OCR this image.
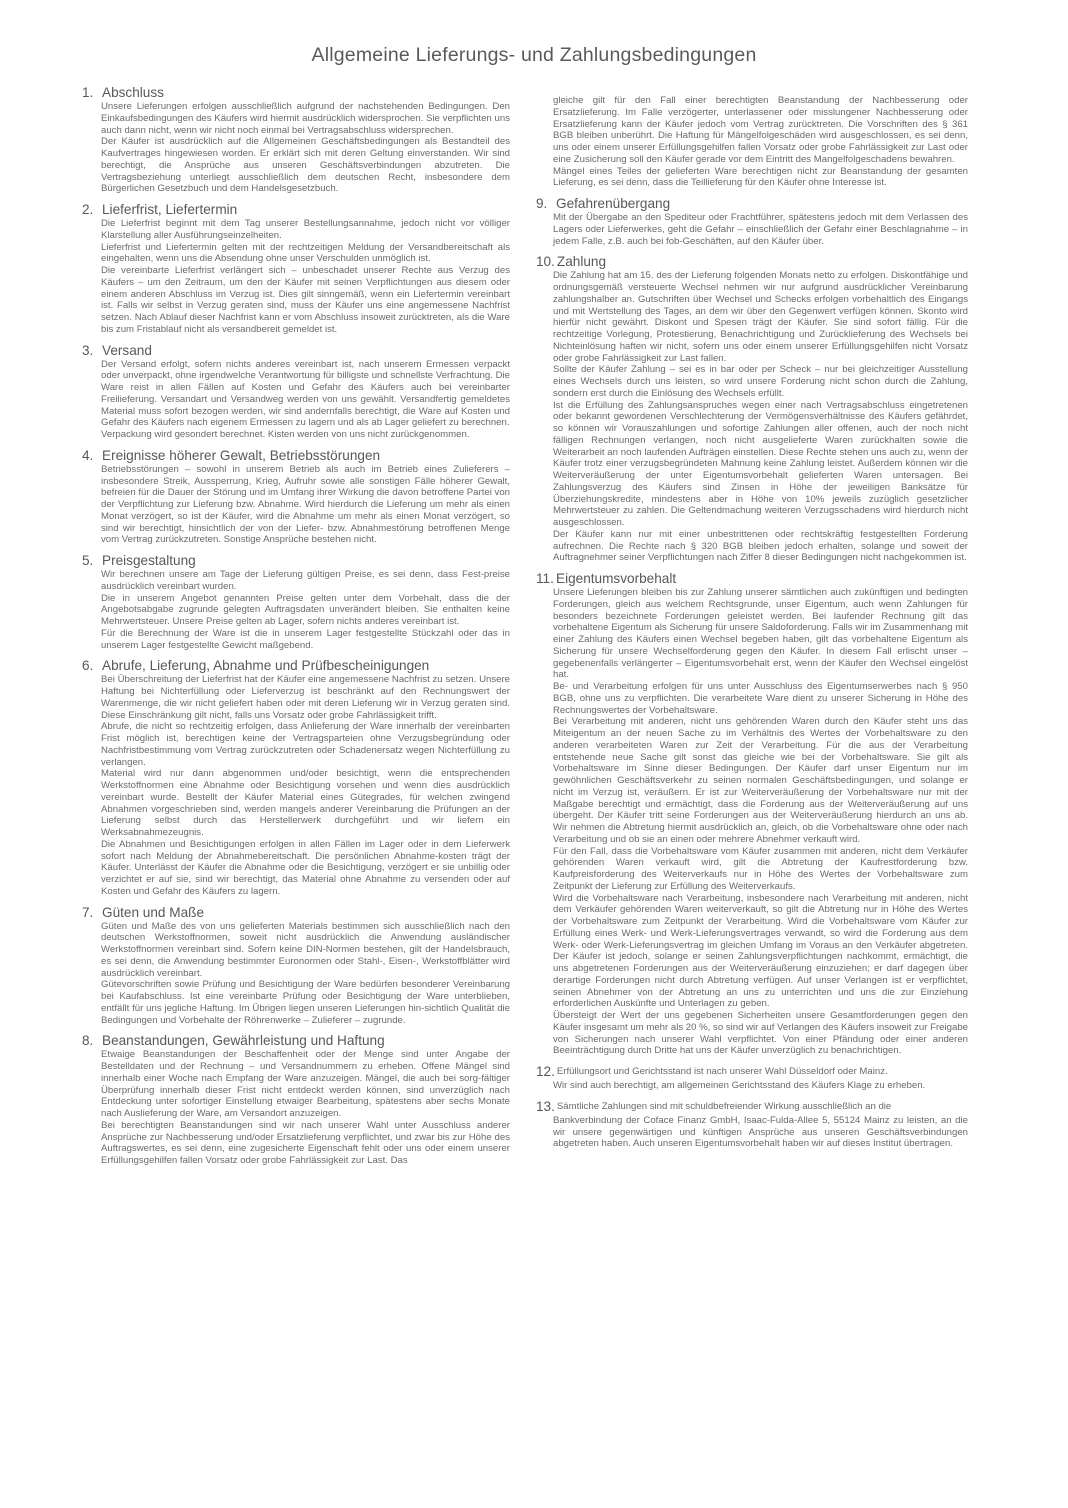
Allgemeine Lieferungs- und Zahlungsbedingungen
1. Abschluss

Unsere Lieferungen erfolgen ausschließlich aufgrund der nachstehenden Bedingungen. Den Einkaufsbedingungen des Käufers wird hiermit ausdrücklich widersprochen. Sie verpflichten uns auch dann nicht, wenn wir nicht noch einmal bei Vertragsabschluss widersprechen.

Der Käufer ist ausdrücklich auf die Allgemeinen Geschäftsbedingungen als Bestandteil des Kaufvertrages hingewiesen worden. Er erklärt sich mit deren Geltung einverstanden. Wir sind berechtigt, die Ansprüche aus unseren Geschäftsverbindungen abzutreten. Die Vertragsbeziehung unterliegt ausschließlich dem deutschen Recht, insbesondere dem Bürgerlichen Gesetzbuch und dem Handelsgesetzbuch.

2. Lieferfrist, Liefertermin

Die Lieferfrist beginnt mit dem Tag unserer Bestellungsannahme, jedoch nicht vor völliger Klarstellung aller Ausführungseinzelheiten.

Lieferfrist und Liefertermin gelten mit der rechtzeitigen Meldung der Versandbereitschaft als eingehalten, wenn uns die Absendung ohne unser Verschulden unmöglich ist.

Die vereinbarte Lieferfrist verlängert sich – unbeschadet unserer Rechte aus Verzug des Käufers – um den Zeitraum, um den der Käufer mit seinen Verpflichtungen aus diesem oder einem anderen Abschluss im Verzug ist. Dies gilt sinngemäß, wenn ein Liefertermin vereinbart ist. Falls wir selbst in Verzug geraten sind, muss der Käufer uns eine angemessene Nachfrist setzen. Nach Ablauf dieser Nachfrist kann er vom Abschluss insoweit zurücktreten, als die Ware bis zum Fristablauf nicht als versandbereit gemeldet ist.

3. Versand

Der Versand erfolgt, sofern nichts anderes vereinbart ist, nach unserem Ermessen verpackt oder unverpackt, ohne irgendwelche Verantwortung für billigste und schnellste Verfrachtung. Die Ware reist in allen Fällen auf Kosten und Gefahr des Käufers auch bei vereinbarter Freilieferung. Versandart und Versandweg werden von uns gewählt. Versandfertig gemeldetes Material muss sofort bezogen werden, wir sind andernfalls berechtigt, die Ware auf Kosten und Gefahr des Käufers nach eigenem Ermessen zu lagern und als ab Lager geliefert zu berechnen.

Verpackung wird gesondert berechnet. Kisten werden von uns nicht zurückgenommen.

4. Ereignisse höherer Gewalt, Betriebsstörungen

Betriebsstörungen – sowohl in unserem Betrieb als auch im Betrieb eines Zulieferers – insbesondere Streik, Aussperrung, Krieg, Aufruhr sowie alle sonstigen Fälle höherer Gewalt, befreien für die Dauer der Störung und im Umfang ihrer Wirkung die davon betroffene Partei von der Verpflichtung zur Lieferung bzw. Abnahme. Wird hierdurch die Lieferung um mehr als einen Monat verzögert, so ist der Käufer, wird die Abnahme um mehr als einen Monat verzögert, so sind wir berechtigt, hinsichtlich der von der Liefer- bzw. Abnahmestörung betroffenen Menge vom Vertrag zurückzutreten. Sonstige Ansprüche bestehen nicht.

5. Preisgestaltung

Wir berechnen unsere am Tage der Lieferung gültigen Preise, es sei denn, dass Fest-preise ausdrücklich vereinbart wurden.

Die in unserem Angebot genannten Preise gelten unter dem Vorbehalt, dass die der Angebotsabgabe zugrunde gelegten Auftragsdaten unverändert bleiben. Sie enthalten keine Mehrwertsteuer. Unsere Preise gelten ab Lager, sofern nichts anderes vereinbart ist.

Für die Berechnung der Ware ist die in unserem Lager festgestellte Stückzahl oder das in unserem Lager festgestellte Gewicht maßgebend.

6. Abrufe, Lieferung, Abnahme und Prüfbescheinigungen

Bei Überschreitung der Lieferfrist hat der Käufer eine angemessene Nachfrist zu setzen. Unsere Haftung bei Nichterfüllung oder Lieferverzug ist beschränkt auf den Rechnungswert der Warenmenge, die wir nicht geliefert haben oder mit deren Lieferung wir in Verzug geraten sind. Diese Einschränkung gilt nicht, falls uns Vorsatz oder grobe Fahrlässigkeit trifft.

Abrufe, die nicht so rechtzeitig erfolgen, dass Anlieferung der Ware innerhalb der vereinbarten Frist möglich ist, berechtigen keine der Vertragsparteien ohne Verzugsbegründung oder Nachfristbestimmung vom Vertrag zurückzutreten oder Schadenersatz wegen Nichterfüllung zu verlangen.

Material wird nur dann abgenommen und/oder besichtigt, wenn die entsprechenden Werkstoffnormen eine Abnahme oder Besichtigung vorsehen und wenn dies ausdrücklich vereinbart wurde. Bestellt der Käufer Material eines Gütegrades, für welchen zwingend Abnahmen vorgeschrieben sind, werden mangels anderer Vereinbarung die Prüfungen an der Lieferung selbst durch das Herstellerwerk durchgeführt und wir liefern ein Werksabnahmezeugnis.

Die Abnahmen und Besichtigungen erfolgen in allen Fällen im Lager oder in dem Lieferwerk sofort nach Meldung der Abnahmebereitschaft. Die persönlichen Abnahme-kosten trägt der Käufer. Unterlässt der Käufer die Abnahme oder die Besichtigung, verzögert er sie unbillig oder verzichtet er auf sie, sind wir berechtigt, das Material ohne Abnahme zu versenden oder auf Kosten und Gefahr des Käufers zu lagern.

7. Güten und Maße

Güten und Maße des von uns gelieferten Materials bestimmen sich ausschließlich nach den deutschen Werkstoffnormen, soweit nicht ausdrücklich die Anwendung ausländischer Werkstoffnormen vereinbart sind. Sofern keine DIN-Normen bestehen, gilt der Handelsbrauch, es sei denn, die Anwendung bestimmter Euronormen oder Stahl-, Eisen-, Werkstoffblätter wird ausdrücklich vereinbart.

Gütevorschriften sowie Prüfung und Besichtigung der Ware bedürfen besonderer Vereinbarung bei Kaufabschluss. Ist eine vereinbarte Prüfung oder Besichtigung der Ware unterblieben, entfällt für uns jegliche Haftung. Im Übrigen liegen unseren Lieferungen hin-sichtlich Qualität die Bedingungen und Vorbehalte der Röhrenwerke – Zulieferer – zugrunde.

8. Beanstandungen, Gewährleistung und Haftung

Etwaige Beanstandungen der Beschaffenheit oder der Menge sind unter Angabe der Bestelldaten und der Rechnung – und Versandnummern zu erheben. Offene Mängel sind innerhalb einer Woche nach Empfang der Ware anzuzeigen. Mängel, die auch bei sorg-fältiger Überprüfung innerhalb dieser Frist nicht entdeckt werden können, sind unverzüglich nach Entdeckung unter sofortiger Einstellung etwaiger Bearbeitung, spätestens aber sechs Monate nach Auslieferung der Ware, am Versandort anzuzeigen.

Bei berechtigten Beanstandungen sind wir nach unserer Wahl unter Ausschluss anderer Ansprüche zur Nachbesserung und/oder Ersatzlieferung verpflichtet, und zwar bis zur Höhe des Auftragswertes, es sei denn, eine zugesicherte Eigenschaft fehlt oder uns oder einem unserer Erfüllungsgehilfen fallen Vorsatz oder grobe Fahrlässigkeit zur Last. Das

gleiche gilt für den Fall einer berechtigten Beanstandung der Nachbesserung oder Ersatzlieferung. Im Falle verzögerter, unterlassener oder misslungener Nachbesserung oder Ersatzlieferung kann der Käufer jedoch vom Vertrag zurücktreten. Die Vorschriften des § 361 BGB bleiben unberührt. Die Haftung für Mängelfolgeschäden wird ausgeschlossen, es sei denn, uns oder einem unserer Erfüllungsgehilfen fallen Vorsatz oder grobe Fahrlässigkeit zur Last oder eine Zusicherung soll den Käufer gerade vor dem Eintritt des Mangelfolgeschadens bewahren.

Mängel eines Teiles der gelieferten Ware berechtigen nicht zur Beanstandung der gesamten Lieferung, es sei denn, dass die Teillieferung für den Käufer ohne Interesse ist.

9. Gefahrenübergang

Mit der Übergabe an den Spediteur oder Frachtführer, spätestens jedoch mit dem Verlassen des Lagers oder Lieferwerkes, geht die Gefahr – einschließlich der Gefahr einer Beschlagnahme – in jedem Falle, z.B. auch bei fob-Geschäften, auf den Käufer über.

10. Zahlung

Die Zahlung hat am 15. des der Lieferung folgenden Monats netto zu erfolgen. Diskontfähige und ordnungsgemäß versteuerte Wechsel nehmen wir nur aufgrund ausdrücklicher Vereinbarung zahlungshalber an. Gutschriften über Wechsel und Schecks erfolgen vorbehaltlich des Eingangs und mit Wertstellung des Tages, an dem wir über den Gegenwert verfügen können. Skonto wird hierfür nicht gewährt. Diskont und Spesen trägt der Käufer. Sie sind sofort fällig. Für die rechtzeitige Vorlegung, Protestierung, Benachrichtigung und Zurücklieferung des Wechsels bei Nichteinlösung haften wir nicht, sofern uns oder einem unserer Erfüllungsgehilfen nicht Vorsatz oder grobe Fahrlässigkeit zur Last fallen.

Sollte der Käufer Zahlung – sei es in bar oder per Scheck – nur bei gleichzeitiger Ausstellung eines Wechsels durch uns leisten, so wird unsere Forderung nicht schon durch die Zahlung, sondern erst durch die Einlösung des Wechsels erfüllt.

Ist die Erfüllung des Zahlungsanspruches wegen einer nach Vertragsabschluss eingetretenen oder bekannt gewordenen Verschlechterung der Vermögensverhältnisse des Käufers gefährdet, so können wir Vorauszahlungen und sofortige Zahlungen aller offenen, auch der noch nicht fälligen Rechnungen verlangen, noch nicht ausgelieferte Waren zurückhalten sowie die Weiterarbeit an noch laufenden Aufträgen einstellen. Diese Rechte stehen uns auch zu, wenn der Käufer trotz einer verzugsbegründeten Mahnung keine Zahlung leistet. Außerdem können wir die Weiterveräußerung der unter Eigentumsvorbehalt gelieferten Waren untersagen. Bei Zahlungsverzug des Käufers sind Zinsen in Höhe der jeweiligen Banksätze für Überziehungskredite, mindestens aber in Höhe von 10% jeweils zuzüglich gesetzlicher Mehrwertsteuer zu zahlen. Die Geltendmachung weiteren Verzugsschadens wird hierdurch nicht ausgeschlossen.

Der Käufer kann nur mit einer unbestrittenen oder rechtskräftig festgestellten Forderung aufrechnen. Die Rechte nach § 320 BGB bleiben jedoch erhalten, solange und soweit der Auftragnehmer seiner Verpflichtungen nach Ziffer 8 dieser Bedingungen nicht nachgekommen ist.

11. Eigentumsvorbehalt

Unsere Lieferungen bleiben bis zur Zahlung unserer sämtlichen auch zukünftigen und bedingten Forderungen, gleich aus welchem Rechtsgrunde, unser Eigentum, auch wenn Zahlungen für besonders bezeichnete Forderungen geleistet werden. Bei laufender Rechnung gilt das vorbehaltene Eigentum als Sicherung für unsere Saldoforderung. Falls wir im Zusammenhang mit einer Zahlung des Käufers einen Wechsel begeben haben, gilt das vorbehaltene Eigentum als Sicherung für unsere Wechselforderung gegen den Käufer. In diesem Fall erlischt unser – gegebenenfalls verlängerter – Eigentumsvorbehalt erst, wenn der Käufer den Wechsel eingelöst hat.

Be- und Verarbeitung erfolgen für uns unter Ausschluss des Eigentumserwerbes nach § 950 BGB, ohne uns zu verpflichten. Die verarbeitete Ware dient zu unserer Sicherung in Höhe des Rechnungswertes der Vorbehaltsware.

Bei Verarbeitung mit anderen, nicht uns gehörenden Waren durch den Käufer steht uns das Miteigentum an der neuen Sache zu im Verhältnis des Wertes der Vorbehaltsware zu den anderen verarbeiteten Waren zur Zeit der Verarbeitung. Für die aus der Verarbeitung entstehende neue Sache gilt sonst das gleiche wie bei der Vorbehaltsware. Sie gilt als Vorbehaltsware im Sinne dieser Bedingungen. Der Käufer darf unser Eigentum nur im gewöhnlichen Geschäftsverkehr zu seinen normalen Geschäftsbedingungen, und solange er nicht im Verzug ist, veräußern. Er ist zur Weiterveräußerung der Vorbehaltsware nur mit der Maßgabe berechtigt und ermächtigt, dass die Forderung aus der Weiterveräußerung auf uns übergeht. Der Käufer tritt seine Forderungen aus der Weiterveräußerung hierdurch an uns ab. Wir nehmen die Abtretung hiermit ausdrücklich an, gleich, ob die Vorbehaltsware ohne oder nach Verarbeitung und ob sie an einen oder mehrere Abnehmer verkauft wird.

Für den Fall, dass die Vorbehaltsware vom Käufer zusammen mit anderen, nicht dem Verkäufer gehörenden Waren verkauft wird, gilt die Abtretung der Kaufrestforderung bzw. Kaufpreisforderung des Weiterverkaufs nur in Höhe des Wertes der Vorbehaltsware zum Zeitpunkt der Lieferung zur Erfüllung des Weiterverkaufs.

Wird die Vorbehaltsware nach Verarbeitung, insbesondere nach Verarbeitung mit anderen, nicht dem Verkäufer gehörenden Waren weiterverkauft, so gilt die Abtretung nur in Höhe des Wertes der Vorbehaltsware zum Zeitpunkt der Verarbeitung. Wird die Vorbehaltsware vom Käufer zur Erfüllung eines Werk- und Werk-Lieferungsvertrages verwandt, so wird die Forderung aus dem Werk- oder Werk-Lieferungsvertrag im gleichen Umfang im Voraus an den Verkäufer abgetreten. Der Käufer ist jedoch, solange er seinen Zahlungsverpflichtungen nachkommt, ermächtigt, die uns abgetretenen Forderungen aus der Weiterveräußerung einzuziehen; er darf dagegen über derartige Forderungen nicht durch Abtretung verfügen. Auf unser Verlangen ist er verpflichtet, seinen Abnehmer von der Abtretung an uns zu unterrichten und uns die zur Einziehung erforderlichen Auskünfte und Unterlagen zu geben.

Übersteigt der Wert der uns gegebenen Sicherheiten unsere Gesamtforderungen gegen den Käufer insgesamt um mehr als 20 %, so sind wir auf Verlangen des Käufers insoweit zur Freigabe von Sicherungen nach unserer Wahl verpflichtet. Von einer Pfändung oder einer anderen Beeinträchtigung durch Dritte hat uns der Käufer unverzüglich zu benachrichtigen.

12. Erfüllungsort und Gerichtsstand ist nach unserer Wahl Düsseldorf oder Mainz.

Wir sind auch berechtigt, am allgemeinen Gerichtsstand des Käufers Klage zu erheben.

13. Sämtliche Zahlungen sind mit schuldbefreiender Wirkung ausschließlich an die

Bankverbindung der Coface Finanz GmbH, Isaac-Fulda-Allee 5, 55124 Mainz zu leisten, an die wir unsere gegenwärtigen und künftigen Ansprüche aus unseren Geschäftsverbindungen abgetreten haben. Auch unseren Eigentumsvorbehalt haben wir auf dieses Institut übertragen.
